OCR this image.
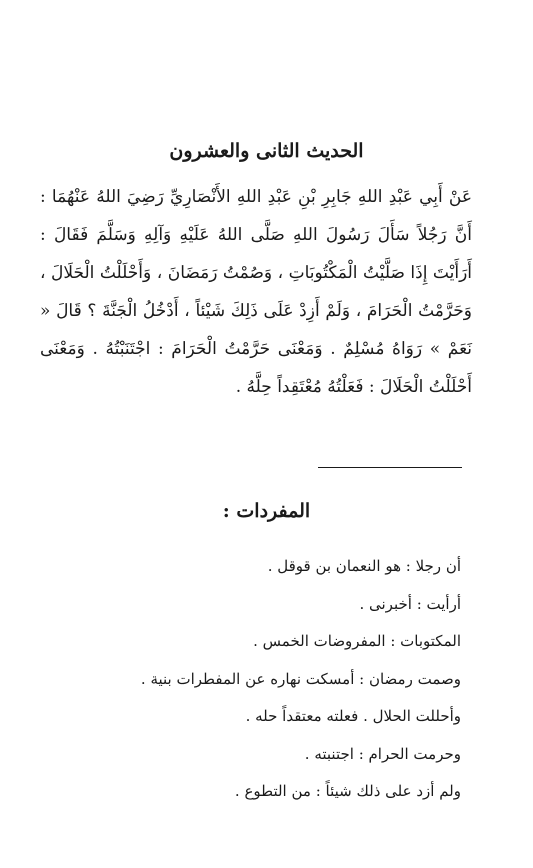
الحديث الثانى والعشرون

عَنْ أَبِي عَبْدِ اللهِ جَابِرِ بْنِ عَبْدِ اللهِ الأَنْصَارِيِّ رَضِيَ اللهُ عَنْهُمَا : أَنَّ رَجُلاً سَأَلَ رَسُولَ اللهِ صَلَّى اللهُ عَلَيْهِ وَآلِهِ وَسَلَّمَ فَقَالَ : أَرَأَيْتَ إِذَا صَلَّيْتُ الْمَكْتُوبَاتِ ، وَصُمْتُ رَمَضَانَ ، وَأَحْلَلْتُ الْحَلَالَ ، وَحَرَّمْتُ الْحَرَامَ ، وَلَمْ أَزِدْ عَلَى ذَلِكَ شَيْئاً ، أَدْخُلُ الْجَنَّةَ ؟ قَالَ « نَعَمْ » رَوَاهُ مُسْلِمٌ . وَمَعْنَى حَرَّمْتُ الْحَرَامَ : اجْتَنَبْتُهُ . وَمَعْنَى أَحْلَلْتُ الْحَلَالَ : فَعَلْتُهُ مُعْتَقِداً حِلَّهُ .

المفردات :
أن رجلا : هو النعمان بن قوقل .
أرأيت : أخبرنى .
المكتوبات : المفروضات الخمس .
وصمت رمضان : أمسكت نهاره عن المفطرات بنية .
وأحللت الحلال . فعلته معتقداً حله .
وحرمت الحرام : اجتنبته .
ولم أزد على ذلك شيئاً : من التطوع .
